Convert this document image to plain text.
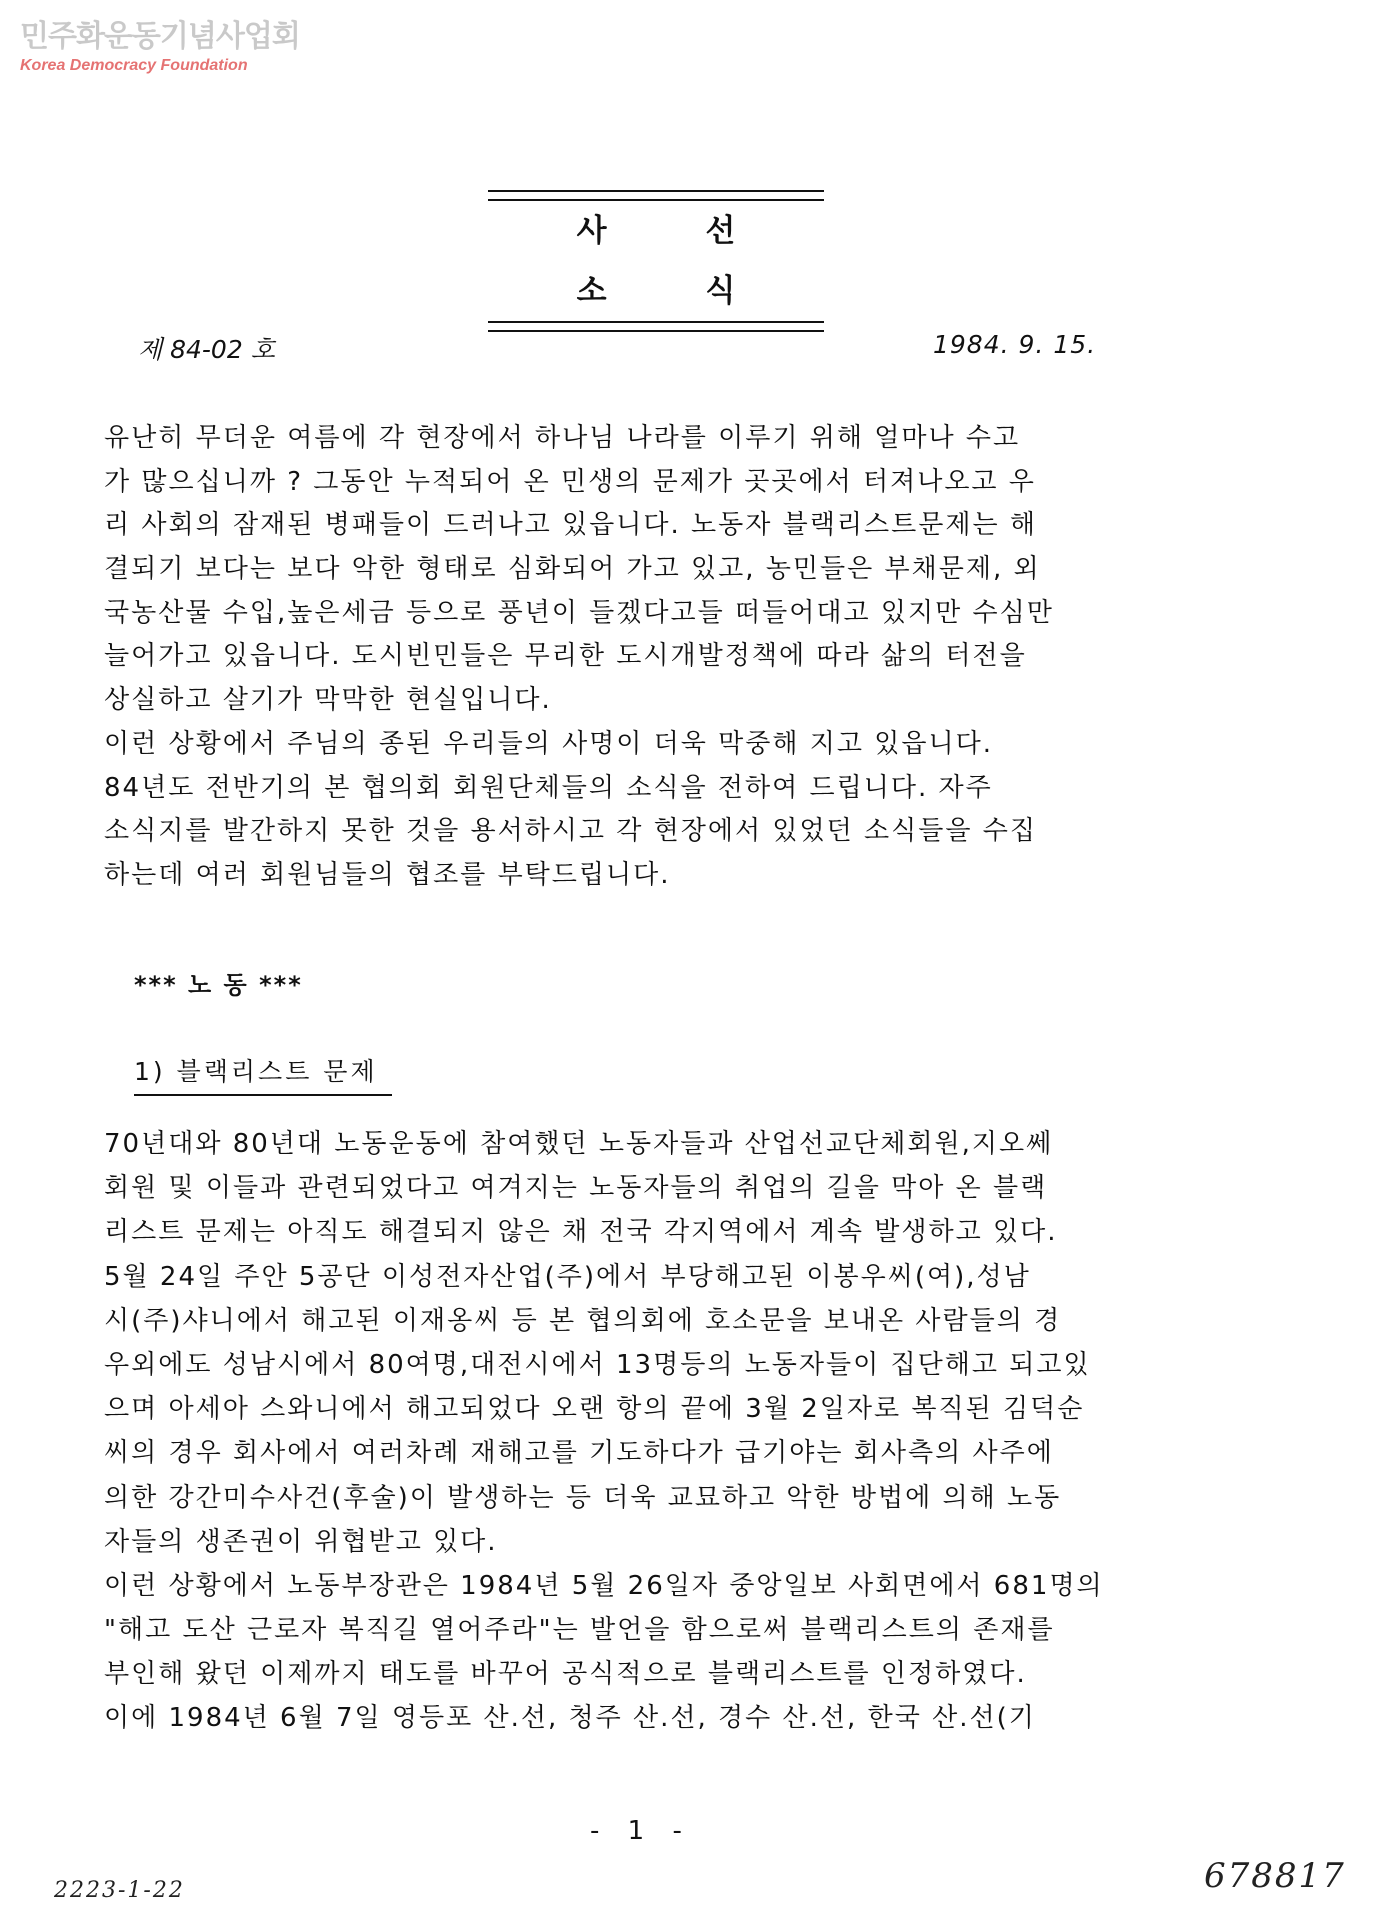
민주화운동기념사업회
Korea Democracy Foundation
사 선 소 식
제 84-02 호	1984. 9. 15.
유난히 무더운 여름에 각 현장에서 하나님 나라를 이루기 위해 얼마나 수고
가 많으십니까 ? 그동안 누적되어 온 민생의 문제가 곳곳에서 터져나오고 우
리 사회의 잠재된 병패들이 드러나고 있읍니다. 노동자 블랙리스트문제는 해
결되기 보다는 보다 악한 형태로 심화되어 가고 있고, 농민들은 부채문제, 외
국농산물 수입,높은세금 등으로 풍년이 들겠다고들 떠들어대고 있지만 수심만
늘어가고 있읍니다. 도시빈민들은 무리한 도시개발정책에 따라 삶의 터전을
상실하고 살기가 막막한 현실입니다.
이런 상황에서 주님의 종된 우리들의 사명이 더욱 막중해 지고 있읍니다.
84년도 전반기의 본 협의회 회원단체들의 소식을 전하여 드립니다. 자주
소식지를 발간하지 못한 것을 용서하시고 각 현장에서 있었던 소식들을 수집
하는데 여러 회원님들의 협조를 부탁드립니다.
*** 노 동 ***
1) 블랙리스트 문제
70년대와 80년대 노동운동에 참여했던 노동자들과 산업선교단체회원,지오쎄
회원 및 이들과 관련되었다고 여겨지는 노동자들의 취업의 길을 막아 온 블랙
리스트 문제는 아직도 해결되지 않은 채 전국 각지역에서 계속 발생하고 있다.
5월 24일 주안 5공단 이성전자산업(주)에서 부당해고된 이봉우씨(여),성남
시(주)샤니에서 해고된 이재옹씨 등 본 협의회에 호소문을 보내온 사람들의 경
우외에도 성남시에서 80여명,대전시에서 13명등의 노동자들이 집단해고 되고있
으며 아세아 스와니에서 해고되었다 오랜 항의 끝에 3월 2일자로 복직된 김덕순
씨의 경우 회사에서 여러차례 재해고를 기도하다가 급기야는 회사측의 사주에
의한 강간미수사건(후술)이 발생하는 등 더욱 교묘하고 악한 방법에 의해 노동
자들의 생존권이 위협받고 있다.
이런 상황에서 노동부장관은 1984년 5월 26일자 중앙일보 사회면에서 681명의
"해고 도산 근로자 복직길 열어주라"는 발언을 함으로써 블랙리스트의 존재를
부인해 왔던 이제까지 태도를 바꾸어 공식적으로 블랙리스트를 인정하였다.
이에 1984년 6월 7일 영등포 산.선, 청주 산.선, 경수 산.선, 한국 산.선(기
- 1 -
2223-1-22	678817
